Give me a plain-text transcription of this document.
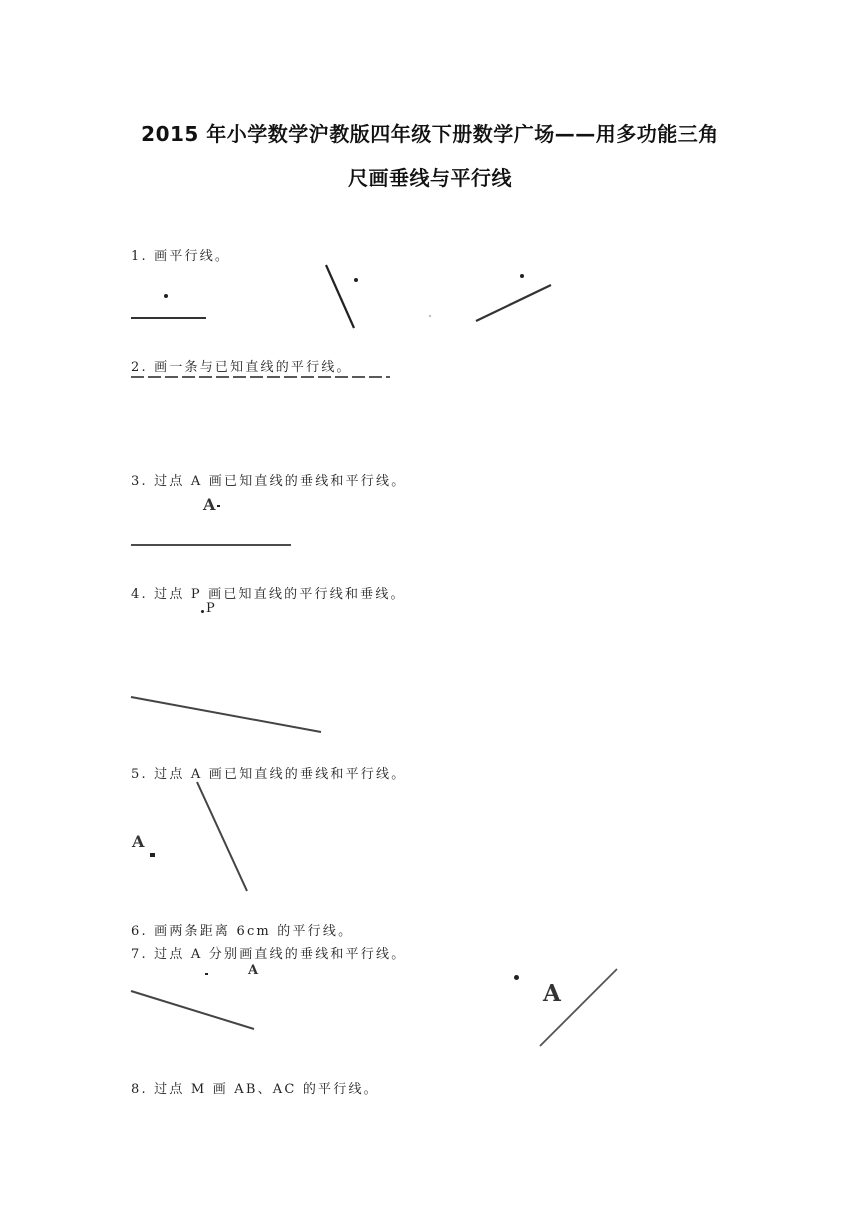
2015 年小学数学沪教版四年级下册数学广场——用多功能三角
尺画垂线与平行线
1. 画平行线。
2. 画一条与已知直线的平行线。
3. 过点 A 画已知直线的垂线和平行线。
4. 过点 P 画已知直线的平行线和垂线。
5. 过点 A 画已知直线的垂线和平行线。
6. 画两条距离 6cm 的平行线。
7. 过点 A 分别画直线的垂线和平行线。
8. 过点 M 画 AB、AC 的平行线。
A
P
A
A
A
